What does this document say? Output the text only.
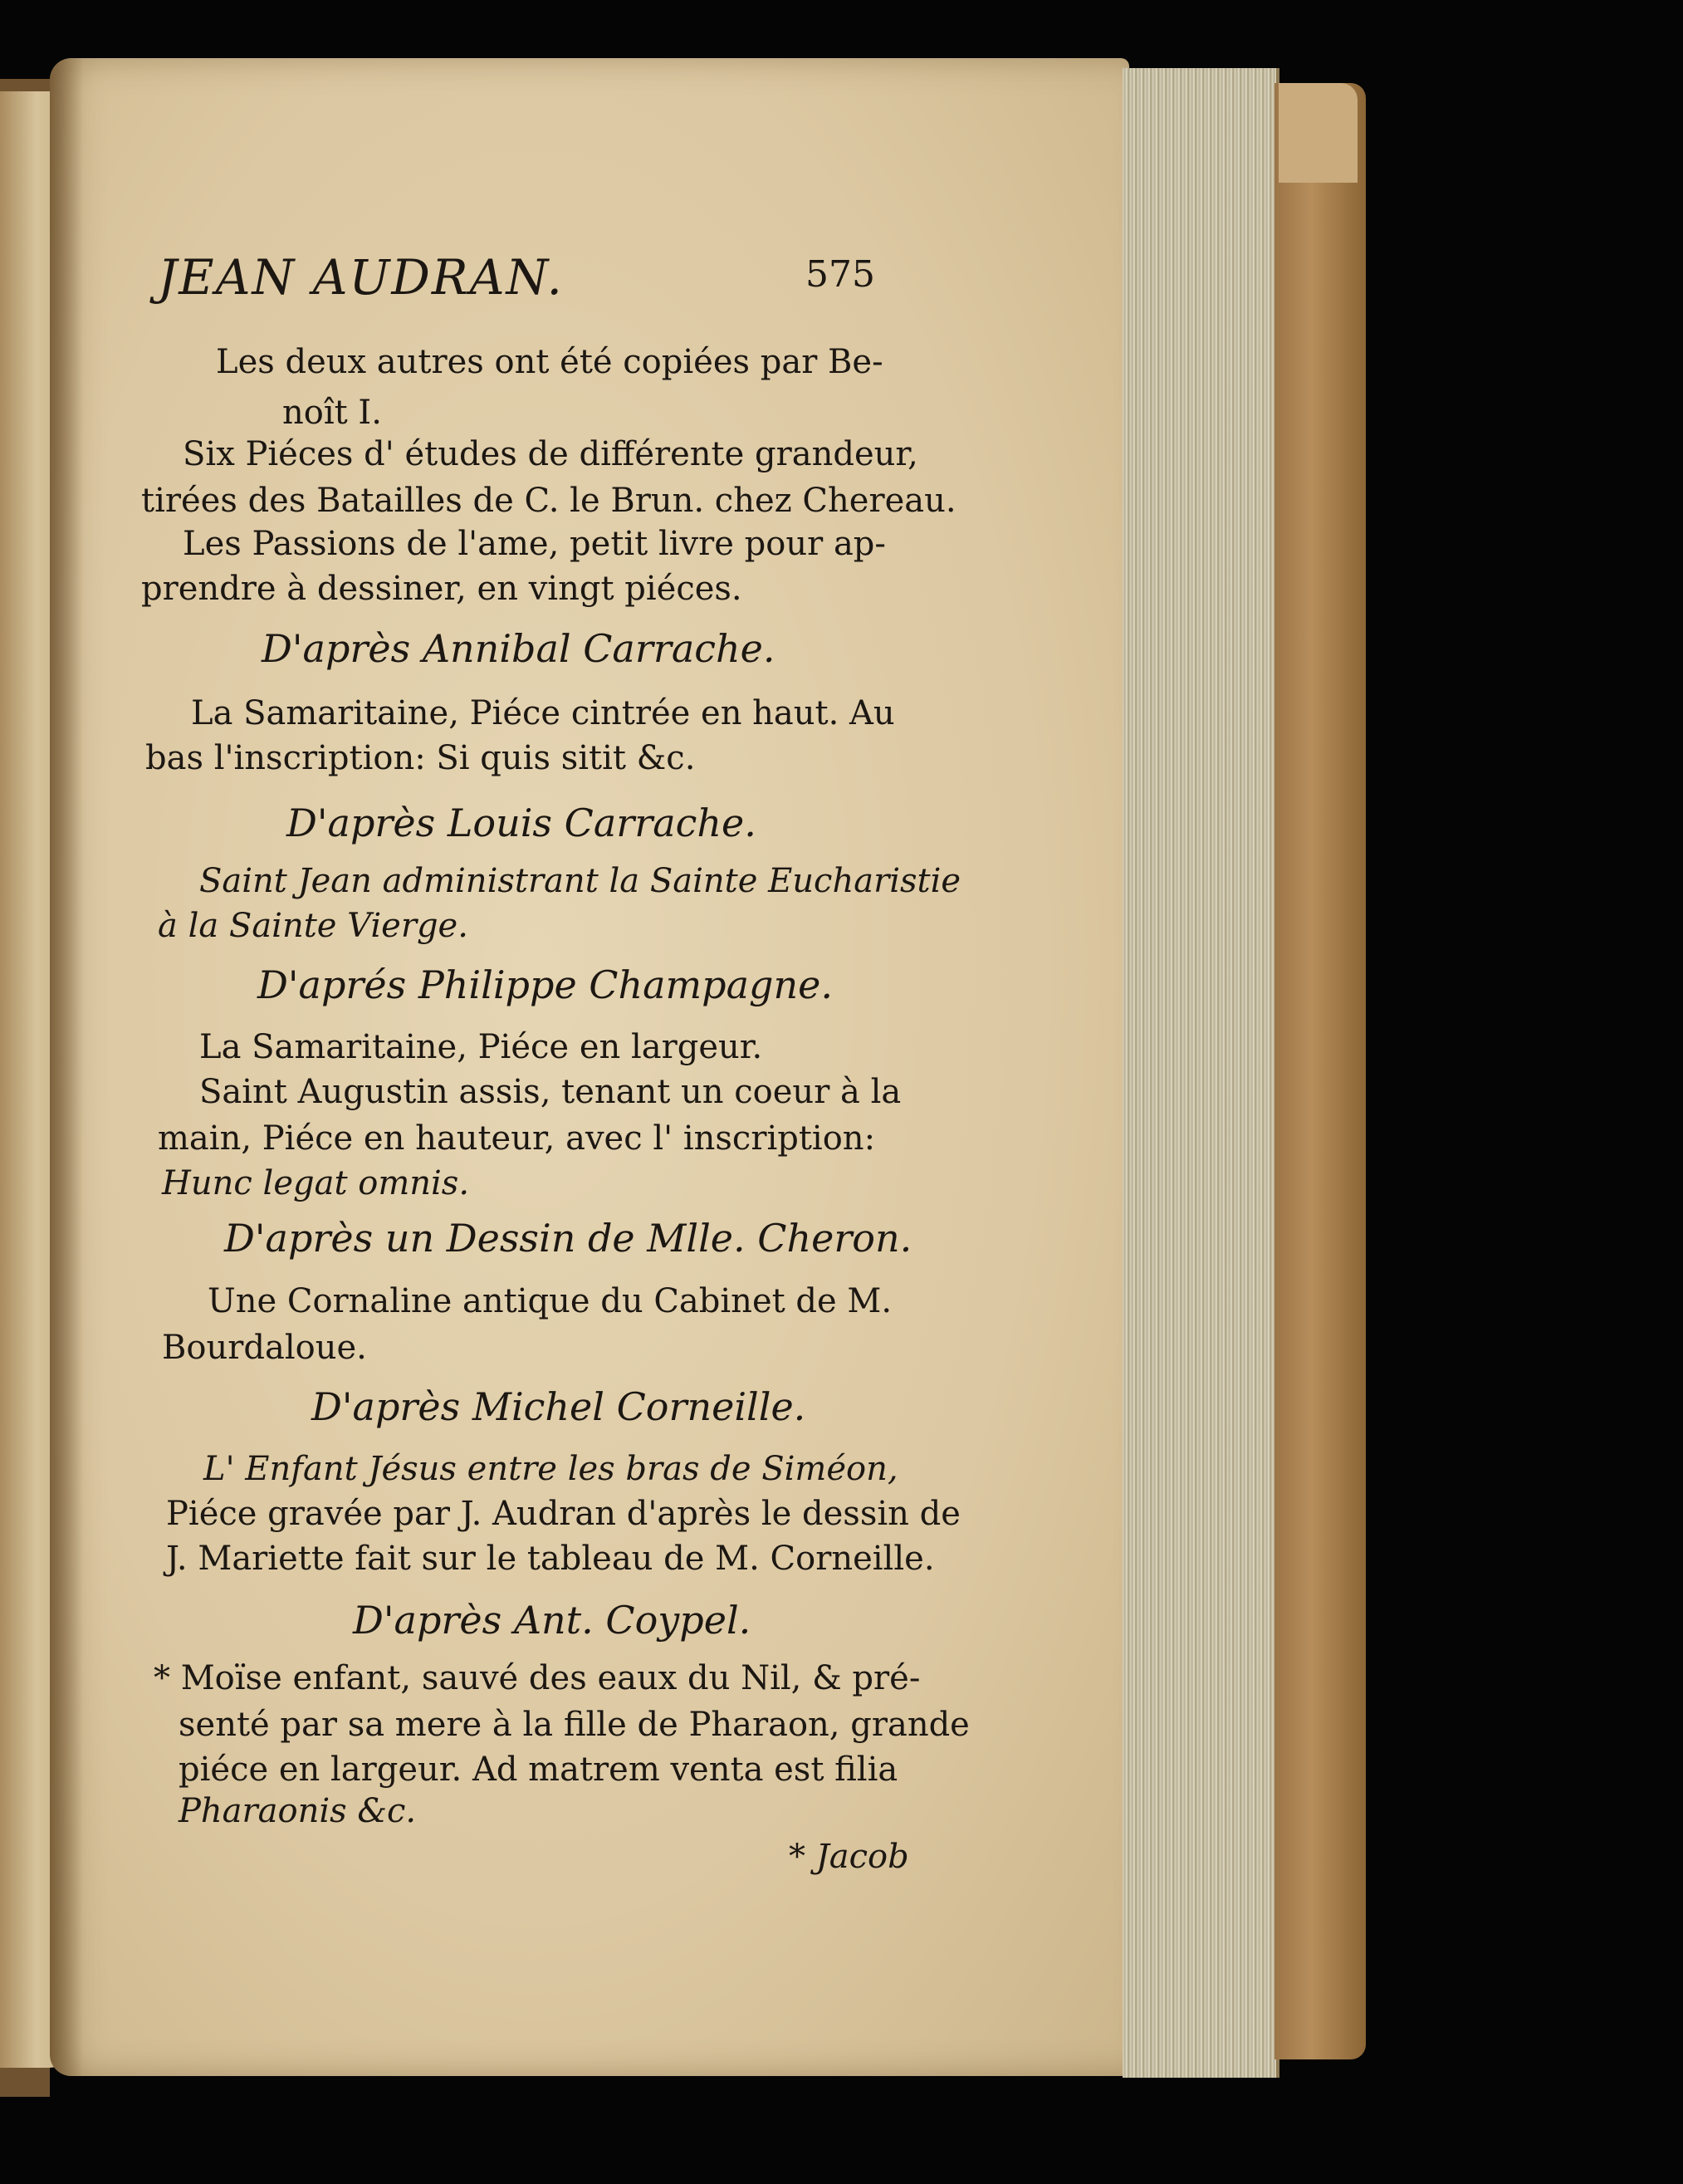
JEAN AUDRAN.	575
Les deux autres ont été copiées par Be-
noît I.
Six Piéces d' études de différente grandeur,
tirées des Batailles de C. le Brun. chez Chereau.
Les Passions de l'ame, petit livre pour ap-
prendre à dessiner, en vingt piéces.
D'après Annibal Carrache.
La Samaritaine, Piéce cintrée en haut. Au
bas l'inscription: Si quis sitit &c.
D'après Louis Carrache.
Saint Jean administrant la Sainte Eucharistie
à la Sainte Vierge.
D'aprés Philippe Champagne.
La Samaritaine, Piéce en largeur.
Saint Augustin assis, tenant un coeur à la
main, Piéce en hauteur, avec l' inscription:
Hunc legat omnis.
D'après un Dessin de Mlle. Cheron.
Une Cornaline antique du Cabinet de M.
Bourdaloue.
D'après Michel Corneille.
L' Enfant Jésus entre les bras de Siméon,
Piéce gravée par J. Audran d'après le dessin de
J. Mariette fait sur le tableau de M. Corneille.
D'après Ant. Coypel.
* Moïse enfant, sauvé des eaux du Nil, & pré-
senté par sa mere à la fille de Pharaon, grande
piéce en largeur. Ad matrem venta est filia
Pharaonis &c.
* Jacob
